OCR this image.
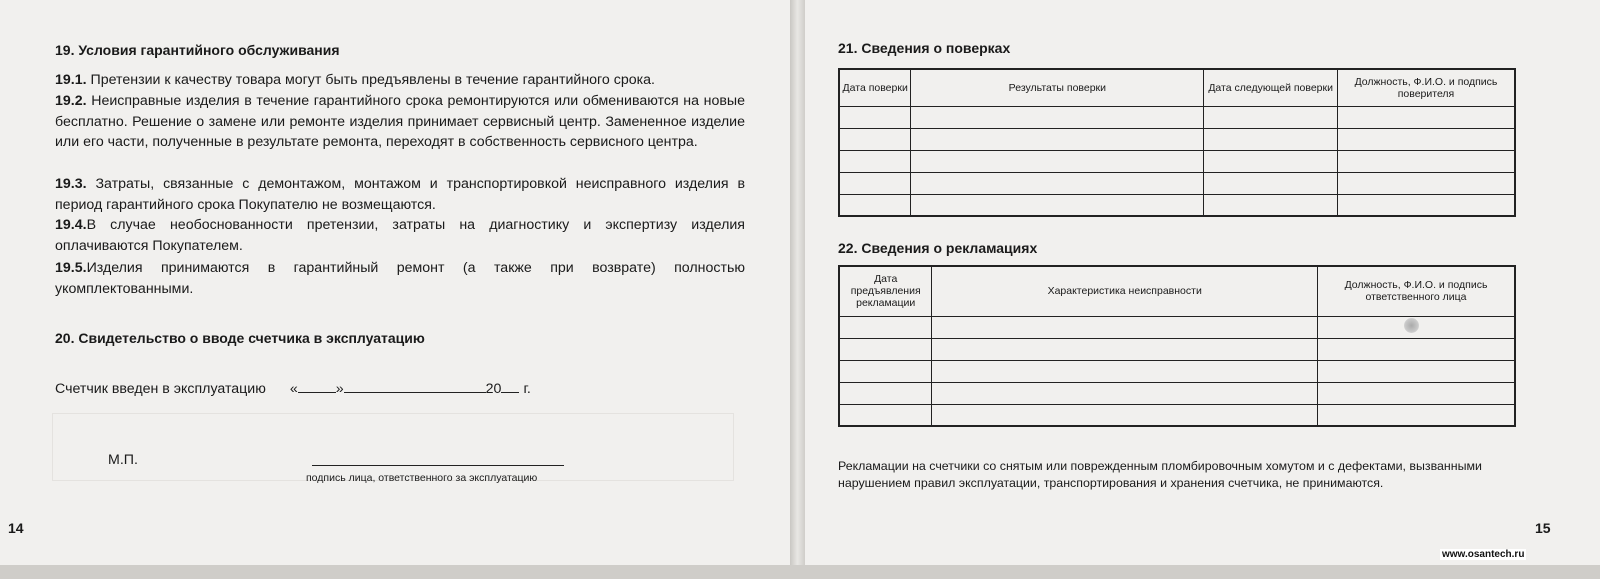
19. Условия гарантийного обслуживания

19.1. Претензии к качеству товара могут быть предъявлены в течение гарантийного срока.

19.2. Неисправные изделия в течение гарантийного срока ремонтируются или обмениваются на новые бесплатно. Решение о замене или ремонте изделия принимает сервисный центр. Замененное изделие или его части, полученные в результате ремонта, переходят в собственность сервисного центра.

19.3. Затраты, связанные с демонтажом, монтажом и транспортировкой неисправного изделия в период гарантийного срока Покупателю не возмещаются.

19.4.В случае необоснованности претензии, затраты на диагностику и экспертизу изделия оплачиваются Покупателем.

19.5.Изделия принимаются в гарантийный ремонт (а также при возврате) полностью укомплектованными.

20. Свидетельство о вводе счетчика в эксплуатацию
Счетчик введен в эксплуатацию «	»	20 г.
М.П.
подпись лица, ответственного за эксплуатацию
14	15
21. Сведения о поверках
Дата поверки	Результаты поверки	Дата следующей поверки	Должность, Ф.И.О. и подпись поверителя

22. Сведения о рекламациях
Дата предъявления рекламации	Характеристика неисправности	Должность, Ф.И.О. и подпись ответственного лица

Рекламации на счетчики со снятым или поврежденным пломбировочным хомутом и с дефектами, вызванными нарушением правил эксплуатации, транспортирования и хранения счетчика, не принимаются.

www.osantech.ru
